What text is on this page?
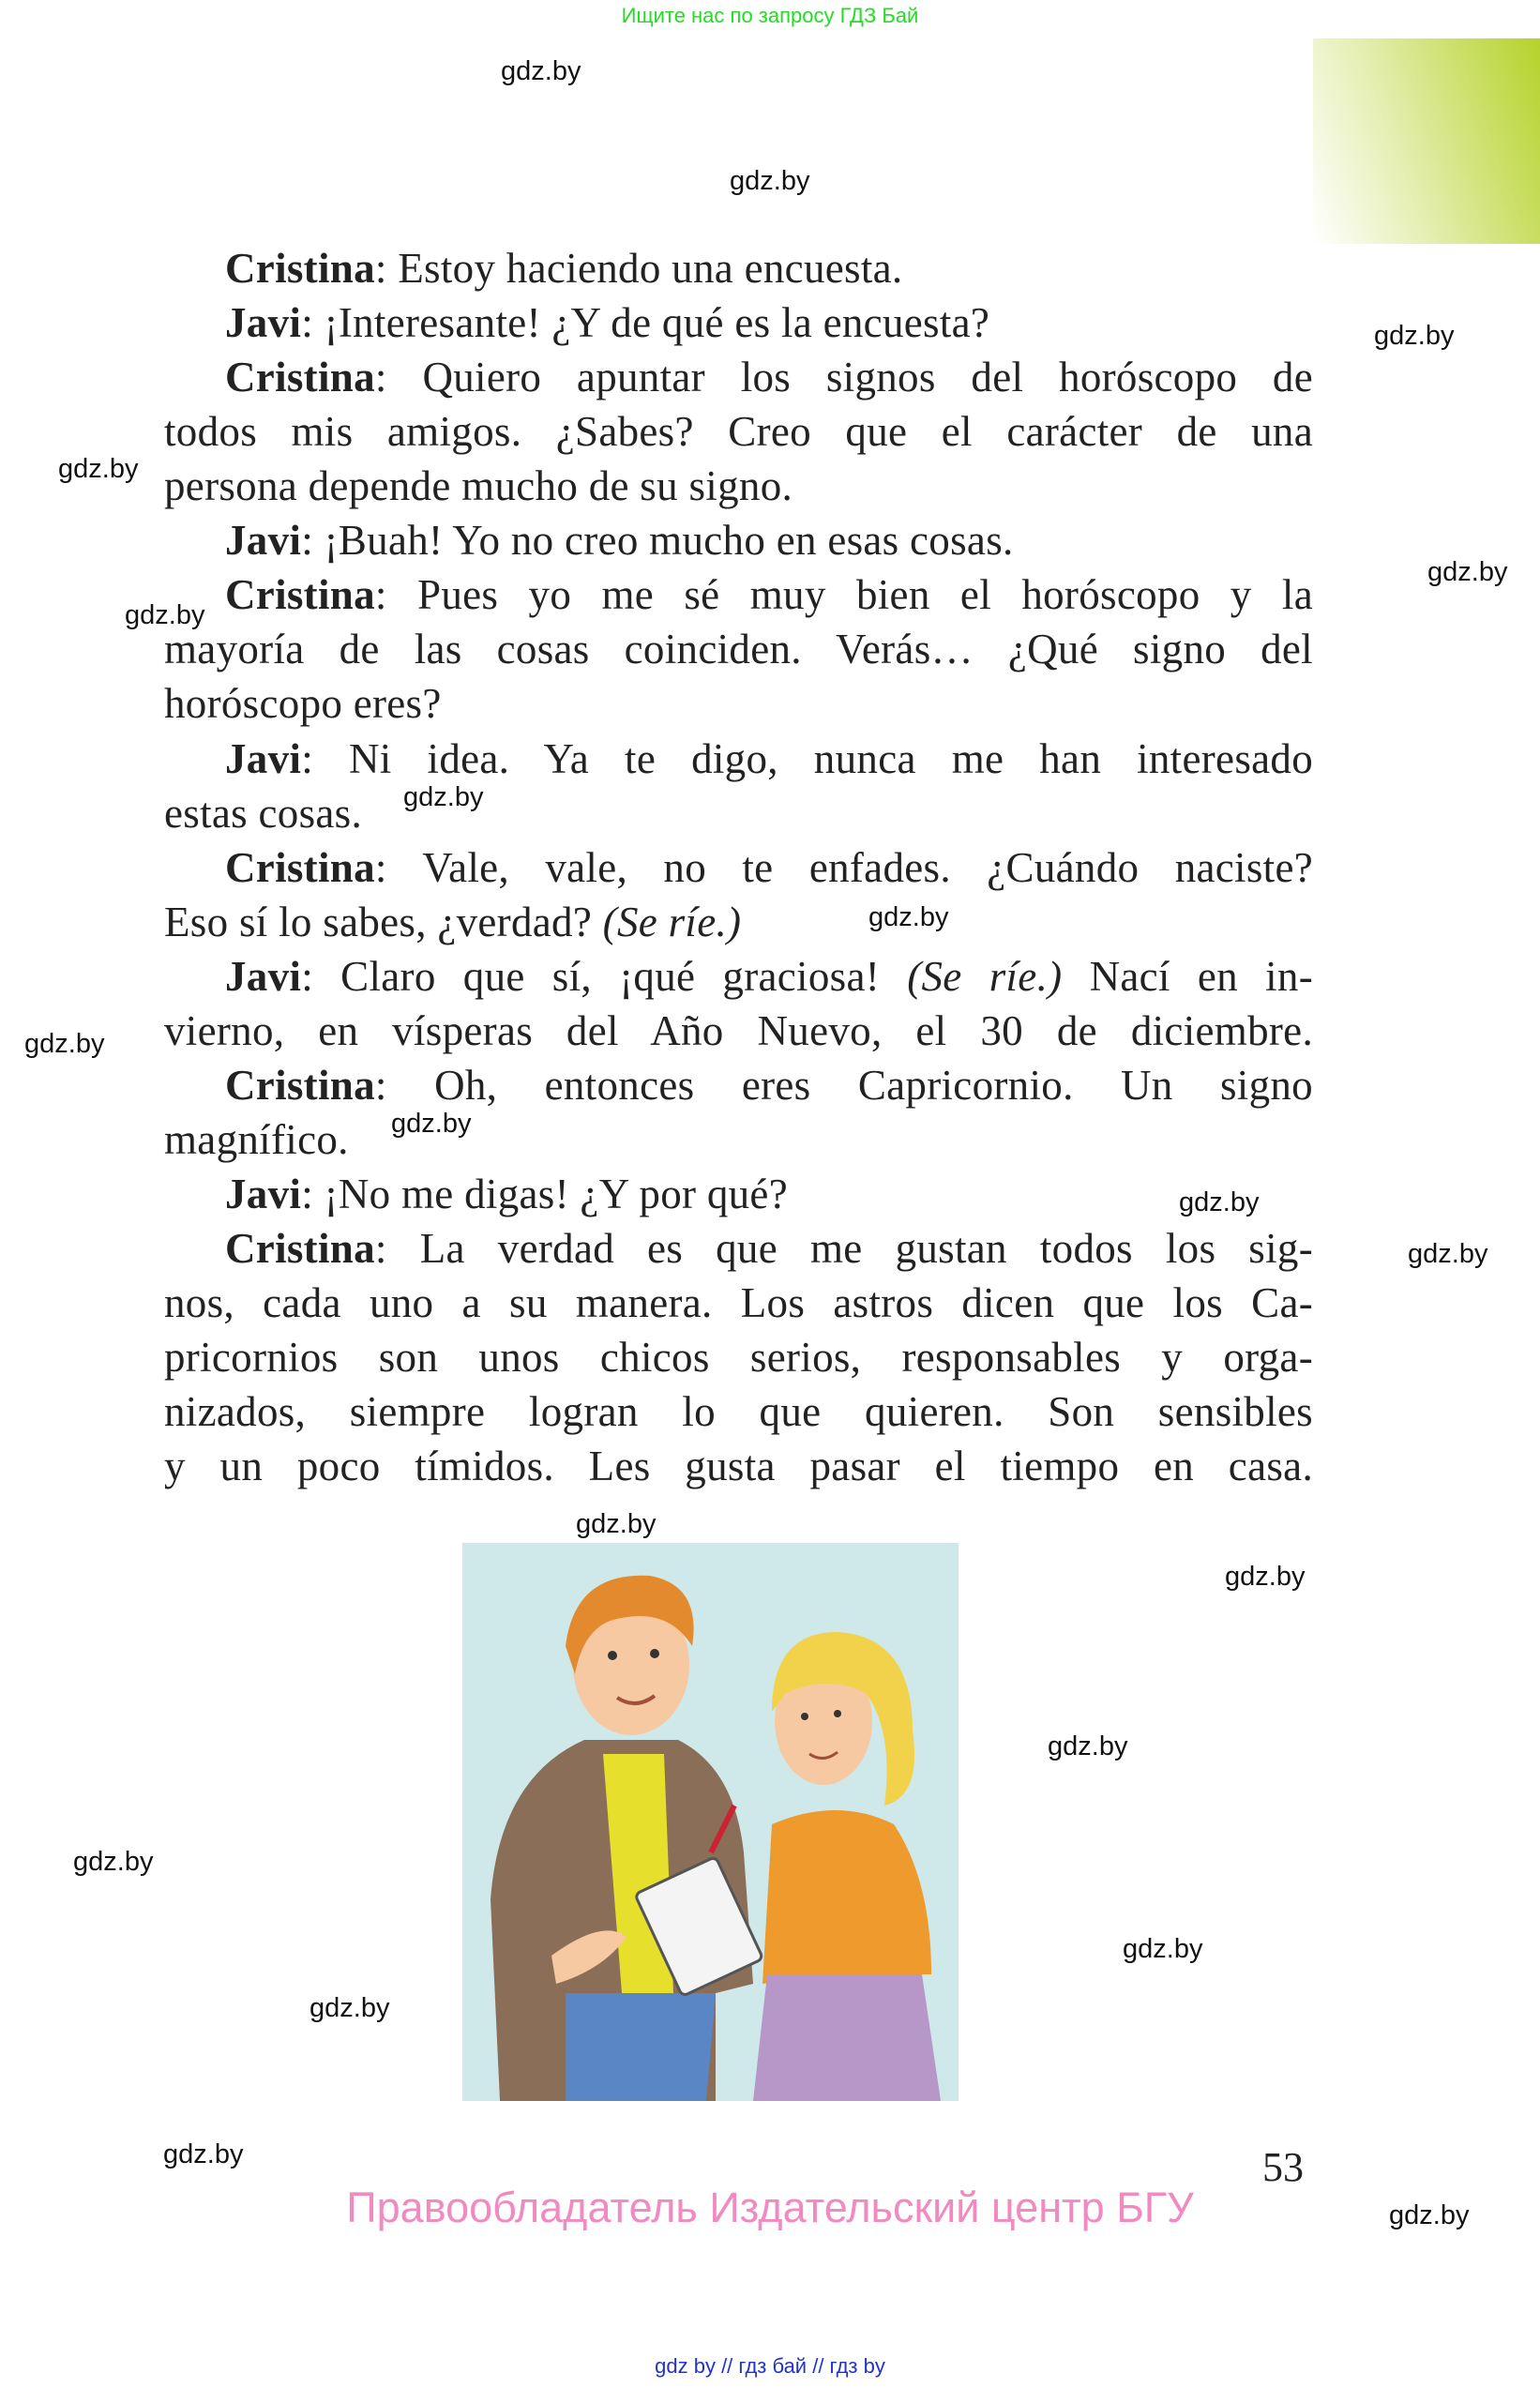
Ищите нас по запросу ГДЗ Бай
Cristina: Estoy haciendo una encuesta.
Javi: ¡Interesante! ¿Y de qué es la encuesta?
Cristina: Quiero apuntar los signos del horóscopo de
todos mis amigos. ¿Sabes? Creo que el carácter de una
persona depende mucho de su signo.
Javi: ¡Buah! Yo no creo mucho en esas cosas.
Cristina: Pues yo me sé muy bien el horóscopo y la
mayoría de las cosas coinciden. Verás… ¿Qué signo del
horóscopo eres?
Javi: Ni idea. Ya te digo, nunca me han interesado
estas cosas.
Cristina: Vale, vale, no te enfades. ¿Cuándo naciste?
Eso sí lo sabes, ¿verdad? (Se ríe.)
Javi: Claro que sí, ¡qué graciosa! (Se ríe.) Nací en in-
vierno, en vísperas del Año Nuevo, el 30 de diciembre.
Cristina: Oh, entonces eres Capricornio. Un signo
magnífico.
Javi: ¡No me digas! ¿Y por qué?
Cristina: La verdad es que me gustan todos los sig-
nos, cada uno a su manera. Los astros dicen que los Ca-
pricornios son unos chicos serios, responsables y orga-
nizados, siempre logran lo que quieren. Son sensibles
y un poco tímidos. Les gusta pasar el tiempo en casa.
gdz.by
gdz.by
gdz.by
gdz.by
gdz.by
gdz.by
gdz.by
gdz.by
gdz.by
gdz.by
gdz.by
gdz.by
gdz.by
gdz.by
gdz.by
gdz.by
gdz.by
gdz.by
gdz.by
gdz.by
53
Правообладатель Издательский центр БГУ
gdz by // гдз бай // гдз by
